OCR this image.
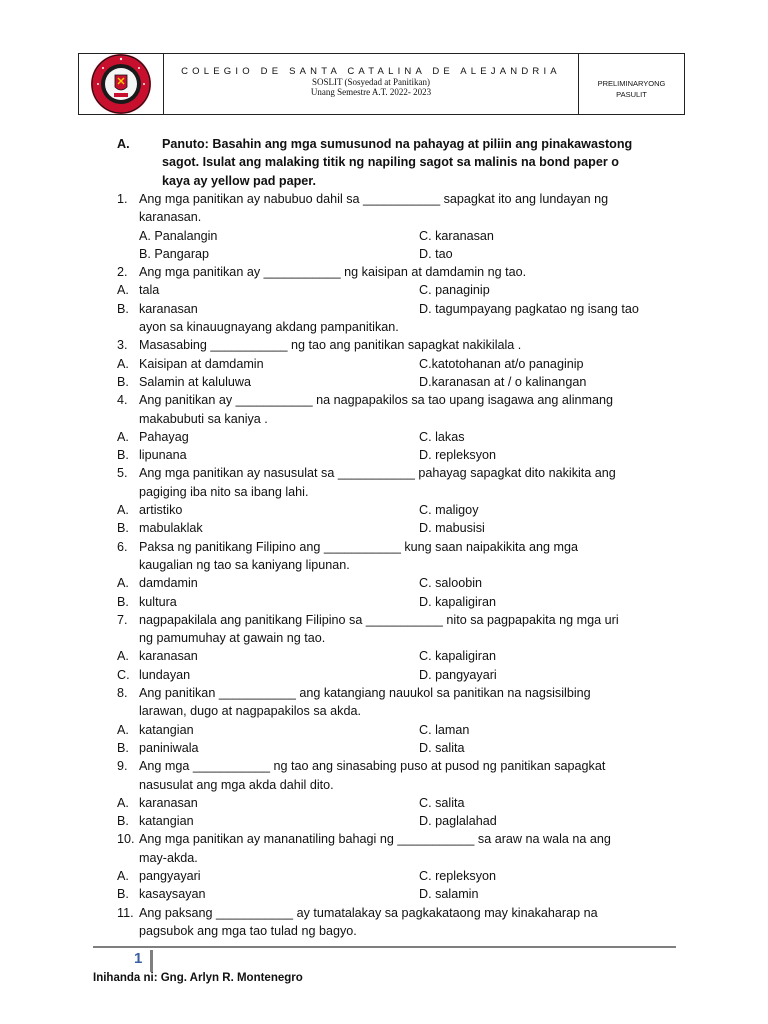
COLEGIO DE SANTA CATALINA DE ALEJANDRIA
SOSLIT (Sosyedad at Panitikan)
Unang Semestre A.T. 2022- 2023
PRELIMINARYONG
PASULIT
A.	Panuto: Basahin ang mga sumusunod na pahayag at piliin ang pinakawastong
sagot. Isulat ang malaking titik ng napiling sagot sa malinis na bond paper o
kaya ay yellow pad paper.
1. Ang mga panitikan ay nabubuo dahil sa ___________ sapagkat ito ang lundayan ng
karanasan.
A. Panalangin	C. karanasan
B. Pangarap	D. tao
2. Ang mga panitikan ay ___________ ng kaisipan at damdamin ng tao.
A. tala	C. panaginip
B. karanasan	D. tagumpayang pagkatao ng isang tao
ayon sa kinauugnayang akdang pampanitikan.
3. Masasabing ___________ ng tao ang panitikan sapagkat nakikilala .
A. Kaisipan at damdamin	C.katotohanan at/o panaginip
B. Salamin at kaluluwa	D.karanasan at / o kalinangan
4. Ang panitikan ay ___________ na nagpapakilos sa tao upang isagawa ang alinmang
makabubuti sa kaniya .
A. Pahayag	C. lakas
B. lipunana	D. repleksyon
5. Ang mga panitikan ay nasusulat sa ___________ pahayag sapagkat dito nakikita ang
pagiging iba nito sa ibang lahi.
A. artistiko	C. maligoy
B. mabulaklak	D. mabusisi
6. Paksa ng panitikang Filipino ang ___________ kung saan naipakikita ang mga
kaugalian ng tao sa kaniyang lipunan.
A. damdamin	C. saloobin
B. kultura	D. kapaligiran
7. nagpapakilala ang panitikang Filipino sa ___________ nito sa pagpapakita ng mga uri
ng pamumuhay at gawain ng tao.
A. karanasan	C. kapaligiran
C. lundayan	D. pangyayari
8. Ang panitikan ___________ ang katangiang nauukol sa panitikan na nagsisilbing
larawan, dugo at nagpapakilos sa akda.
A. katangian	C. laman
B. paniniwala	D. salita
9. Ang mga ___________ ng tao ang sinasabing puso at pusod ng panitikan sapagkat
nasusulat ang mga akda dahil dito.
A. karanasan	C. salita
B. katangian	D. paglalahad
10. Ang mga panitikan ay mananatiling bahagi ng ___________ sa araw na wala na ang
may-akda.
A. pangyayari	C. repleksyon
B. kasaysayan	D. salamin
11. Ang paksang ___________ ay tumatalakay sa pagkakataong may kinakaharap na
pagsubok ang mga tao tulad ng bagyo.
1
Inihanda ni: Gng. Arlyn R. Montenegro
